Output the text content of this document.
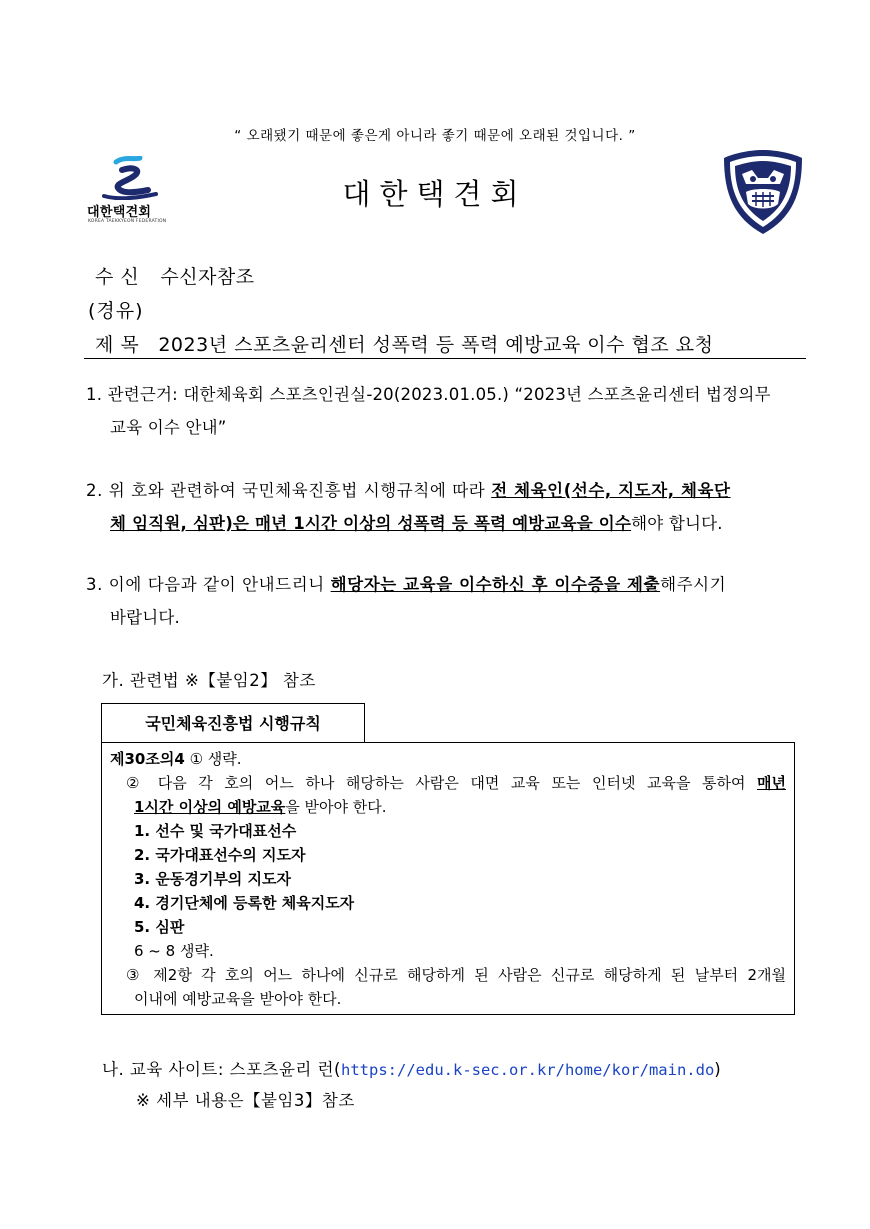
“ 오래됐기 때문에 좋은게 아니라 좋기 때문에 오래된 것입니다. ”
대한택견회
KOREA TAEKKYEON FEDERATION
대한택견회
수 신 수신자참조
(경유)
제 목 2023년 스포츠윤리센터 성폭력 등 폭력 예방교육 이수 협조 요청
1. 관련근거: 대한체육회 스포츠인권실-20(2023.01.05.) “2023년 스포츠윤리센터 법정의무
교육 이수 안내”
2. 위 호와 관련하여 국민체육진흥법 시행규칙에 따라 전 체육인(선수, 지도자, 체육단
체 임직원, 심판)은 매년 1시간 이상의 성폭력 등 폭력 예방교육을 이수해야 합니다.
3. 이에 다음과 같이 안내드리니 해당자는 교육을 이수하신 후 이수증을 제출해주시기
바랍니다.
가. 관련법 ※【붙임2】 참조
국민체육진흥법 시행규칙
제30조의4 ① 생략.
② 다음 각 호의 어느 하나 해당하는 사람은 대면 교육 또는 인터넷 교육을 통하여 매년
1시간 이상의 예방교육을 받아야 한다.
1. 선수 및 국가대표선수
2. 국가대표선수의 지도자
3. 운동경기부의 지도자
4. 경기단체에 등록한 체육지도자
5. 심판
6 ~ 8 생략.
③ 제2항 각 호의 어느 하나에 신규로 해당하게 된 사람은 신규로 해당하게 된 날부터 2개월
이내에 예방교육을 받아야 한다.
나. 교육 사이트: 스포츠윤리 런(https://edu.k-sec.or.kr/home/kor/main.do)
※ 세부 내용은【붙임3】참조
